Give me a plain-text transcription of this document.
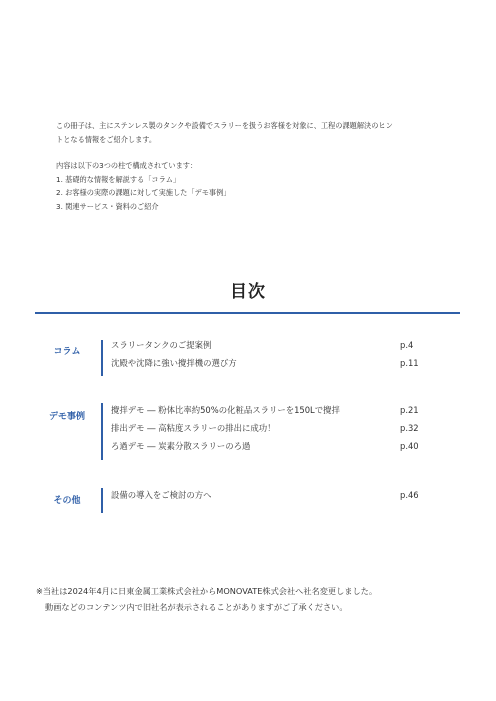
この冊子は、主にステンレス製のタンクや設備でスラリーを扱うお客様を対象に、工程の課題解決のヒン

トとなる情報をご紹介します。

内容は以下の3つの柱で構成されています：

1. 基礎的な情報を解説する「コラム」

2. お客様の実際の課題に対して実施した「デモ事例」

3. 関連サービス・資料のご紹介

目次
コラム
スラリータンクのご提案例	p.4
沈殿や沈降に強い攪拌機の選び方	p.11
デモ事例
攪拌デモ ― 粉体比率約50%の化粧品スラリーを150Lで攪拌	p.21
排出デモ ― 高粘度スラリーの排出に成功！	p.32
ろ過デモ ― 炭素分散スラリーのろ過	p.40
その他
設備の導入をご検討の方へ	p.46

※当社は2024年4月に日東金属工業株式会社からMONOVATE株式会社へ社名変更しました。

動画などのコンテンツ内で旧社名が表示されることがありますがご了承ください。
